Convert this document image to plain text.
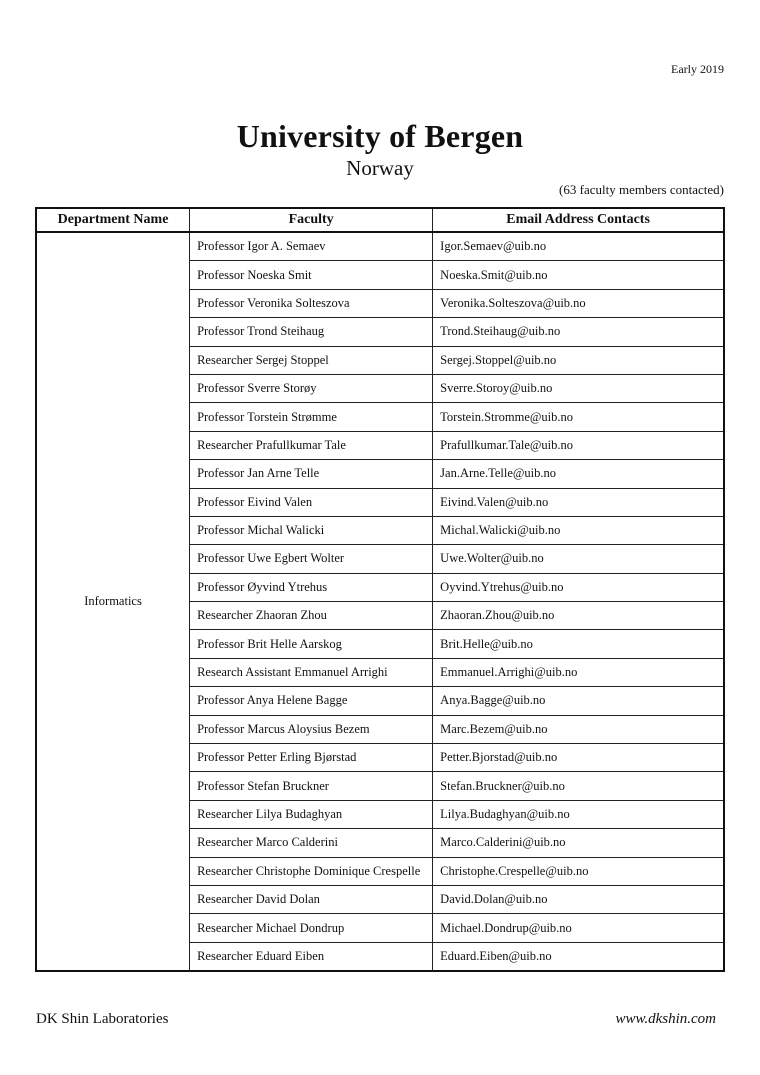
Early 2019
University of Bergen
Norway
(63 faculty members contacted)
Department Name	Faculty	Email Address Contacts
Informatics	Professor Igor A. Semaev	Igor.Semaev@uib.no
	Professor Noeska Smit	Noeska.Smit@uib.no
	Professor Veronika Solteszova	Veronika.Solteszova@uib.no
	Professor Trond Steihaug	Trond.Steihaug@uib.no
	Researcher Sergej Stoppel	Sergej.Stoppel@uib.no
	Professor Sverre Storøy	Sverre.Storoy@uib.no
	Professor Torstein Strømme	Torstein.Stromme@uib.no
	Researcher Prafullkumar Tale	Prafullkumar.Tale@uib.no
	Professor Jan Arne Telle	Jan.Arne.Telle@uib.no
	Professor Eivind Valen	Eivind.Valen@uib.no
	Professor Michal Walicki	Michal.Walicki@uib.no
	Professor Uwe Egbert Wolter	Uwe.Wolter@uib.no
	Professor Øyvind Ytrehus	Oyvind.Ytrehus@uib.no
	Researcher Zhaoran Zhou	Zhaoran.Zhou@uib.no
	Professor Brit Helle Aarskog	Brit.Helle@uib.no
	Research Assistant Emmanuel Arrighi	Emmanuel.Arrighi@uib.no
	Professor Anya Helene Bagge	Anya.Bagge@uib.no
	Professor Marcus Aloysius Bezem	Marc.Bezem@uib.no
	Professor Petter Erling Bjørstad	Petter.Bjorstad@uib.no
	Professor Stefan Bruckner	Stefan.Bruckner@uib.no
	Researcher Lilya Budaghyan	Lilya.Budaghyan@uib.no
	Researcher Marco Calderini	Marco.Calderini@uib.no
	Researcher Christophe Dominique Crespelle	Christophe.Crespelle@uib.no
	Researcher David Dolan	David.Dolan@uib.no
	Researcher Michael Dondrup	Michael.Dondrup@uib.no
	Researcher Eduard Eiben	Eduard.Eiben@uib.no
DK Shin Laboratories	www.dkshin.com
